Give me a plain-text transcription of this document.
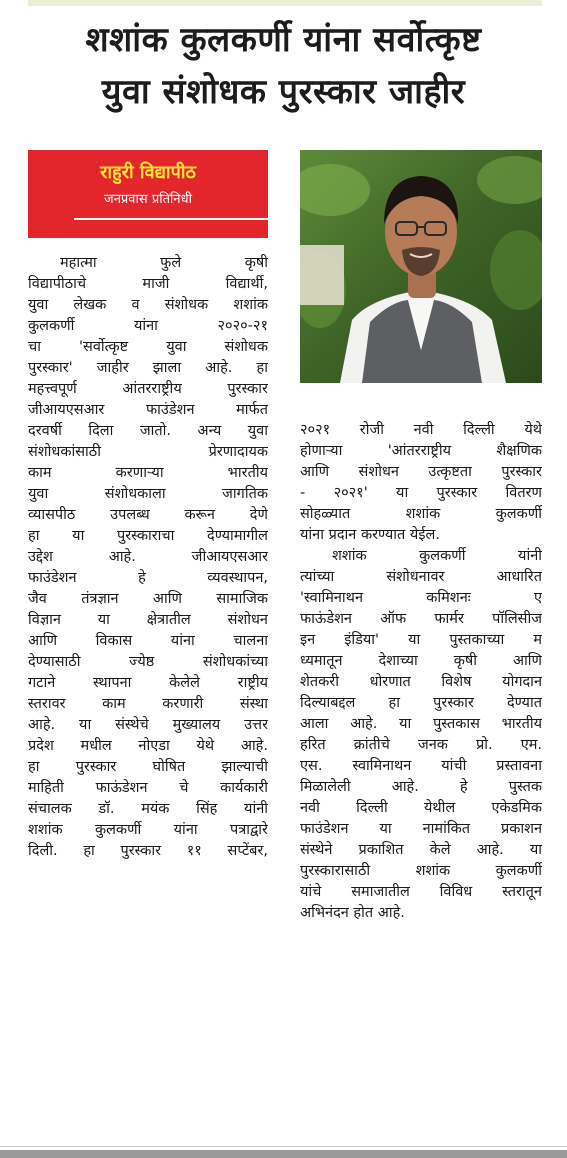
शशांक कुलकर्णी यांना सर्वोत्कृष्ट
युवा संशोधक पुरस्कार जाहीर
राहुरी विद्यापीठ
जनप्रवास प्रतिनिधी
महात्मा फुले कृषी
विद्यापीठाचे माजी विद्यार्थी,
युवा लेखक व संशोधक शशांक
कुलकर्णी यांना २०२०-२१
चा 'सर्वोत्कृष्ट युवा संशोधक
पुरस्कार' जाहीर झाला आहे. हा
महत्त्वपूर्ण आंतरराष्ट्रीय पुरस्कार
जीआयएसआर फाउंडेशन मार्फत
दरवर्षी दिला जातो. अन्य युवा
संशोधकांसाठी प्रेरणादायक
काम करणाऱ्या भारतीय
युवा संशोधकाला जागतिक
व्यासपीठ उपलब्ध करून देणे
हा या पुरस्काराचा देण्यामागील
उद्देश आहे. जीआयएसआर
फाउंडेशन हे व्यवस्थापन,
जैव तंत्रज्ञान आणि सामाजिक
विज्ञान या क्षेत्रातील संशोधन
आणि विकास यांना चालना
देण्यासाठी ज्येष्ठ संशोधकांच्या
गटाने स्थापना केलेले राष्ट्रीय
स्तरावर काम करणारी संस्था
आहे. या संस्थेचे मुख्यालय उत्तर
प्रदेश मधील नोएडा येथे आहे.
हा पुरस्कार घोषित झाल्याची
माहिती फाऊंडेशन चे कार्यकारी
संचालक डॉ. मयंक सिंह यांनी
शशांक कुलकर्णी यांना पत्राद्वारे
दिली. हा पुरस्कार ११ सप्टेंबर,
२०२१ रोजी नवी दिल्ली येथे
होणाऱ्या 'आंतरराष्ट्रीय शैक्षणिक
आणि संशोधन उत्कृष्टता पुरस्कार
- २०२१' या पुरस्कार वितरण
सोहळ्यात शशांक कुलकर्णी
यांना प्रदान करण्यात येईल.
शशांक कुलकर्णी यांनी
त्यांच्या संशोधनावर आधारित
'स्वामिनाथन कमिशनः ए
फाऊंडेशन ऑफ फार्मर पॉलिसीज
इन इंडिया' या पुस्तकाच्या म
ध्यमातून देशाच्या कृषी आणि
शेतकरी धोरणात विशेष योगदान
दिल्याबद्दल हा पुरस्कार देण्यात
आला आहे. या पुस्तकास भारतीय
हरित क्रांतीचे जनक प्रो. एम.
एस. स्वामिनाथन यांची प्रस्तावना
मिळालेली आहे. हे पुस्तक
नवी दिल्ली येथील एकेडमिक
फाउंडेशन या नामांकित प्रकाशन
संस्थेने प्रकाशित केले आहे. या
पुरस्कारासाठी शशांक कुलकर्णी
यांचे समाजातील विविध स्तरातून
अभिनंदन होत आहे.
